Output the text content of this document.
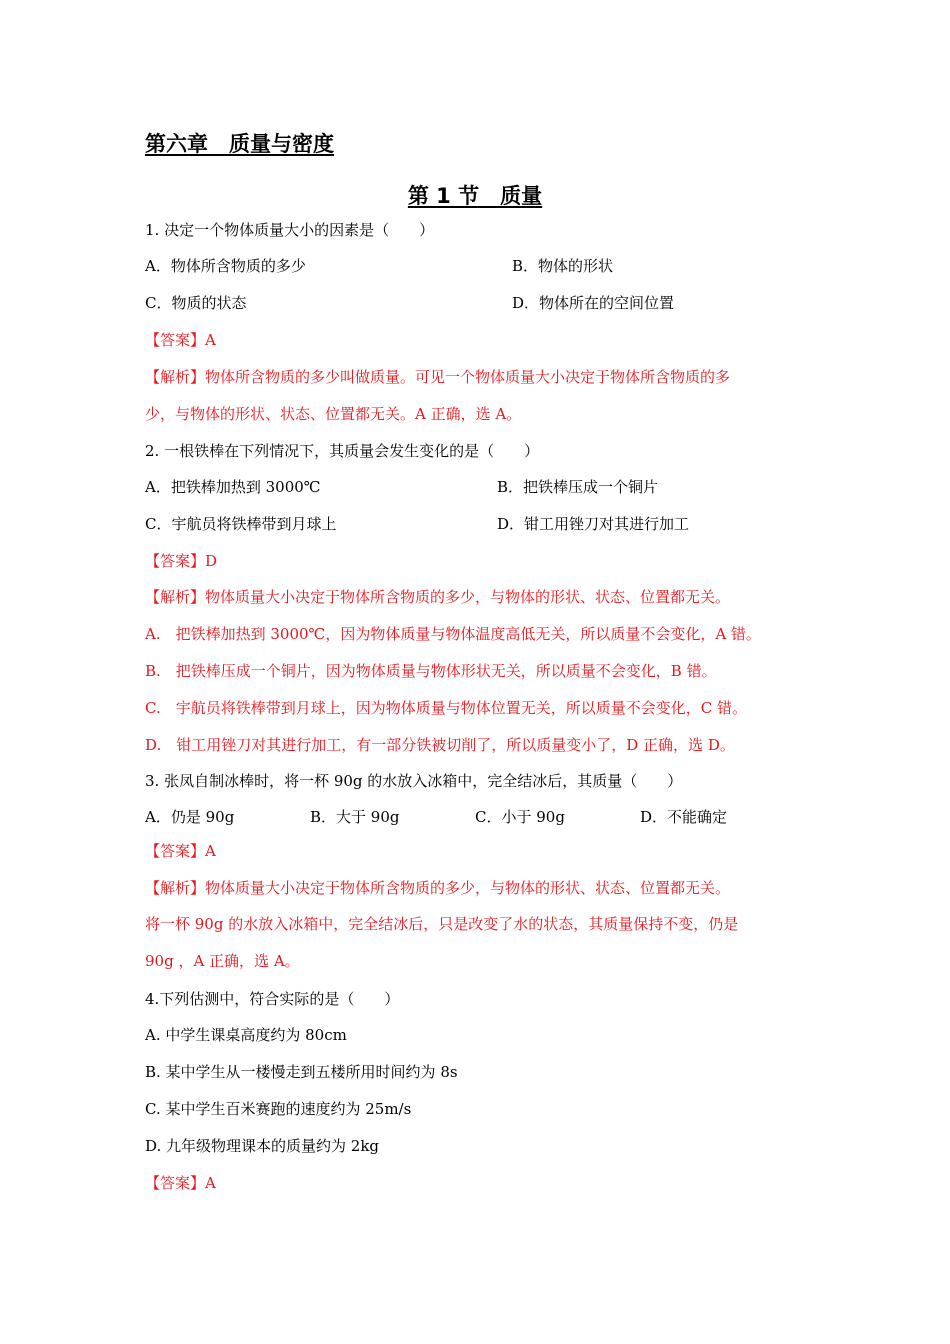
第六章　质量与密度
第 1 节　质量
1. 决定一个物体质量大小的因素是（　　）
A．物体所含物质的多少	B．物体的形状
C．物质的状态	D．物体所在的空间位置
【答案】A
【解析】物体所含物质的多少叫做质量。可见一个物体质量大小决定于物体所含物质的多
少，与物体的形状、状态、位置都无关。A 正确，选 A。
2. 一根铁棒在下列情况下，其质量会发生变化的是（　　）
A．把铁棒加热到 3000℃	B．把铁棒压成一个铜片
C．宇航员将铁棒带到月球上	D．钳工用锉刀对其进行加工
【答案】D
【解析】物体质量大小决定于物体所含物质的多少，与物体的形状、状态、位置都无关。
A.　把铁棒加热到 3000℃，因为物体质量与物体温度高低无关，所以质量不会变化，A 错。
B.　把铁棒压成一个铜片，因为物体质量与物体形状无关，所以质量不会变化，B 错。
C.　宇航员将铁棒带到月球上，因为物体质量与物体位置无关，所以质量不会变化，C 错。
D.　钳工用锉刀对其进行加工，有一部分铁被切削了，所以质量变小了，D 正确，选 D。
3. 张凤自制冰棒时，将一杯 90g 的水放入冰箱中，完全结冰后，其质量（　　）
A．仍是 90g	B．大于 90g	C．小于 90g	D．不能确定
【答案】A
【解析】物体质量大小决定于物体所含物质的多少，与物体的形状、状态、位置都无关。
将一杯 90g 的水放入冰箱中，完全结冰后，只是改变了水的状态，其质量保持不变，仍是
90g ，A 正确，选 A。
4.下列估测中，符合实际的是（　　）
A. 中学生课桌高度约为 80cm
B. 某中学生从一楼慢走到五楼所用时间约为 8s
C. 某中学生百米赛跑的速度约为 25m/s
D. 九年级物理课本的质量约为 2kg
【答案】A
